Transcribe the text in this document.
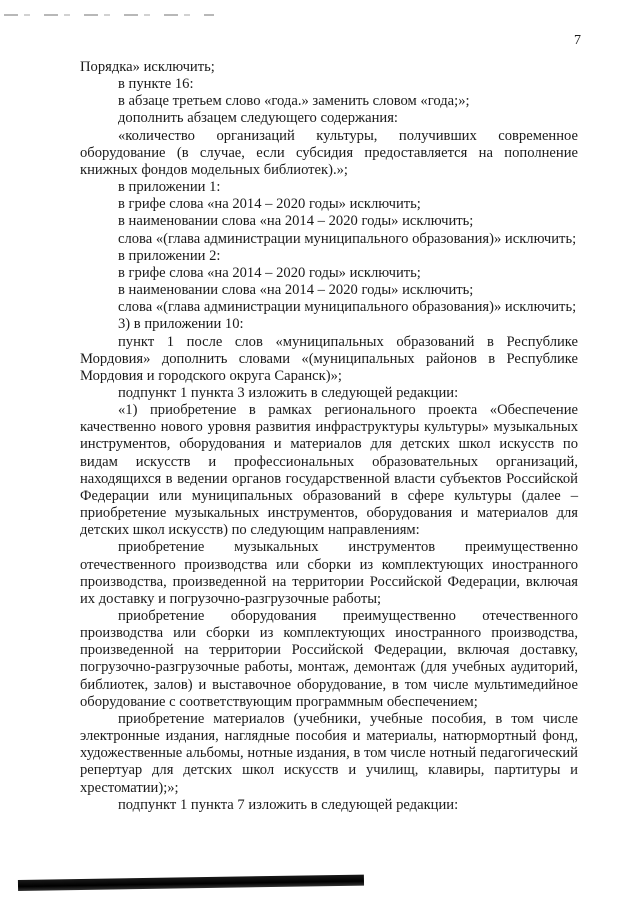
7

Порядка» исключить;

в пункте 16:

в абзаце третьем слово «года.» заменить словом «года;»;

дополнить абзацем следующего содержания:

«количество организаций культуры, получивших современное оборудование (в случае, если субсидия предоставляется на пополнение книжных фондов модельных библиотек).»;

в приложении 1:

в грифе слова «на 2014 – 2020 годы» исключить;

в наименовании слова «на 2014 – 2020 годы» исключить;

слова «(глава администрации муниципального образования)» исключить;

в приложении 2:

в грифе слова «на 2014 – 2020 годы» исключить;

в наименовании слова «на 2014 – 2020 годы» исключить;

слова «(глава администрации муниципального образования)» исключить;

3) в приложении 10:

пункт 1 после слов «муниципальных образований в Республике Мордовия» дополнить словами «(муниципальных районов в Республике Мордовия и городского округа Саранск)»;

подпункт 1 пункта 3 изложить в следующей редакции:

«1) приобретение в рамках регионального проекта «Обеспечение качественно нового уровня развития инфраструктуры культуры» музыкальных инструментов, оборудования и материалов для детских школ искусств по видам искусств и профессиональных образовательных организаций, находящихся в ведении органов государственной власти субъектов Российской Федерации или муниципальных образований в сфере культуры (далее – приобретение музыкальных инструментов, оборудования и материалов для детских школ искусств) по следующим направлениям:

приобретение музыкальных инструментов преимущественно отечественного производства или сборки из комплектующих иностранного производства, произведенной на территории Российской Федерации, включая их доставку и погрузочно-разгрузочные работы;

приобретение оборудования преимущественно отечественного производства или сборки из комплектующих иностранного производства, произведенной на территории Российской Федерации, включая доставку, погрузочно-разгрузочные работы, монтаж, демонтаж (для учебных аудиторий, библиотек, залов) и выставочное оборудование, в том числе мультимедийное оборудование с соответствующим программным обеспечением;

приобретение материалов (учебники, учебные пособия, в том числе электронные издания, наглядные пособия и материалы, натюрмортный фонд, художественные альбомы, нотные издания, в том числе нотный педагогический репертуар для детских школ искусств и училищ, клавиры, партитуры и хрестоматии);»;

подпункт 1 пункта 7 изложить в следующей редакции:
